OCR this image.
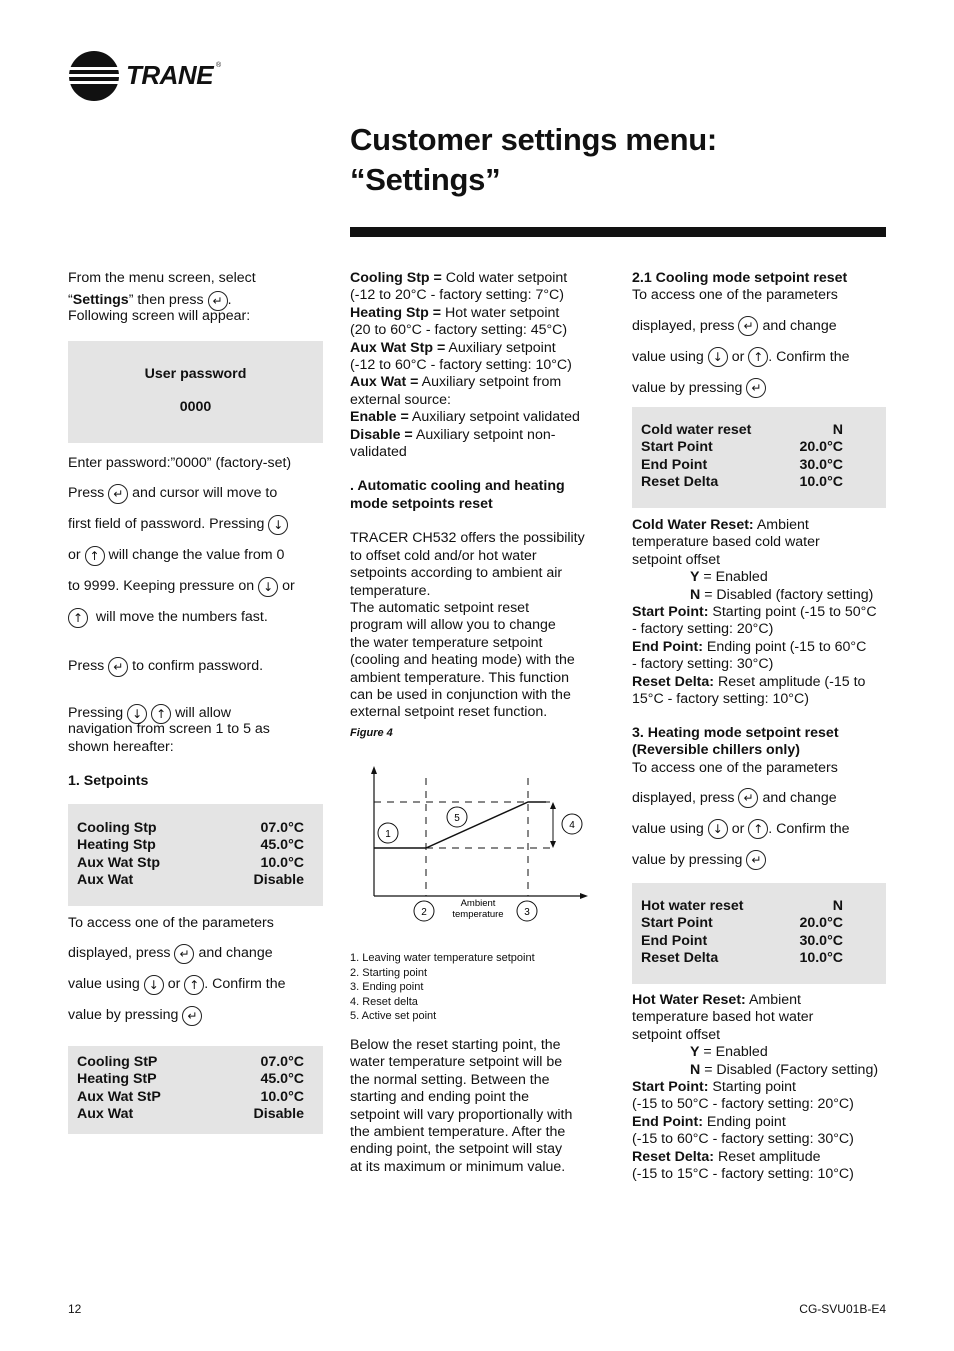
TRANE ®
Customer settings menu:
“Settings”

From the menu screen, select

“Settings” then press ↵ .

Following screen will appear:

User password
0000

Enter password:”0000” (factory-set)

Press ↵ and cursor will move to

first field of password. Pressing ↓

or ↑ will change the value from 0

to 9999. Keeping pressure on ↓ or

↑ will move the numbers fast.

Press ↵ to confirm password.

Pressing ↓ ↑ will allow

navigation from screen 1 to 5 as

shown hereafter:

1. Setpoints

Cooling Stp	07.0°C
Heating Stp	45.0°C
Aux Wat Stp	10.0°C
Aux Wat	Disable

To access one of the parameters

displayed, press ↵ and change

value using ↓ or ↑ . Confirm the

value by pressing ↵

Cooling StP	07.0°C
Heating StP	45.0°C
Aux Wat StP	10.0°C
Aux Wat	Disable

Cooling Stp = Cold water setpoint

(-12 to 20°C - factory setting: 7°C)

Heating Stp = Hot water setpoint

(20 to 60°C - factory setting: 45°C)

Aux Wat Stp = Auxiliary setpoint

(-12 to 60°C - factory setting: 10°C)

Aux Wat = Auxiliary setpoint from

external source:

Enable = Auxiliary setpoint validated

Disable = Auxiliary setpoint non-

validated

. Automatic cooling and heating

mode setpoints reset

TRACER CH532 offers the possibility

to offset cold and/or hot water

setpoints according to ambient air

temperature.

The automatic setpoint reset

program will allow you to change

the water temperature setpoint

(cooling and heating mode) with the

ambient temperature. This function

can be used in conjunction with the

external setpoint reset function.

Figure 4

1
5
4
2	3
Ambient
temperature

1. Leaving water temperature setpoint

2. Starting point

3. Ending point

4. Reset delta

5. Active set point

Below the reset starting point, the

water temperature setpoint will be

the normal setting. Between the

starting and ending point the

setpoint will vary proportionally with

the ambient temperature. After the

ending point, the setpoint will stay

at its maximum or minimum value.

2.1 Cooling mode setpoint reset

To access one of the parameters

displayed, press ↵ and change

value using ↓ or ↑ . Confirm the

value by pressing ↵

Cold water reset	N
Start Point	20.0°C
End Point	30.0°C
Reset Delta	10.0°C

Cold Water Reset: Ambient

temperature based cold water

setpoint offset

Y = Enabled

N = Disabled (factory setting)

Start Point: Starting point (-15 to 50°C

- factory setting: 20°C)

End Point: Ending point (-15 to 60°C

- factory setting: 30°C)

Reset Delta: Reset amplitude (-15 to

15°C - factory setting: 10°C)

3. Heating mode setpoint reset

(Reversible chillers only)

To access one of the parameters

displayed, press ↵ and change

value using ↓ or ↑ . Confirm the

value by pressing ↵

Hot water reset	N
Start Point	20.0°C
End Point	30.0°C
Reset Delta	10.0°C

Hot Water Reset: Ambient

temperature based hot water

setpoint offset

Y = Enabled

N = Disabled (Factory setting)

Start Point: Starting point

(-15 to 50°C - factory setting: 20°C)

End Point: Ending point

(-15 to 60°C - factory setting: 30°C)

Reset Delta: Reset amplitude

(-15 to 15°C - factory setting: 10°C)

12	CG-SVU01B-E4
